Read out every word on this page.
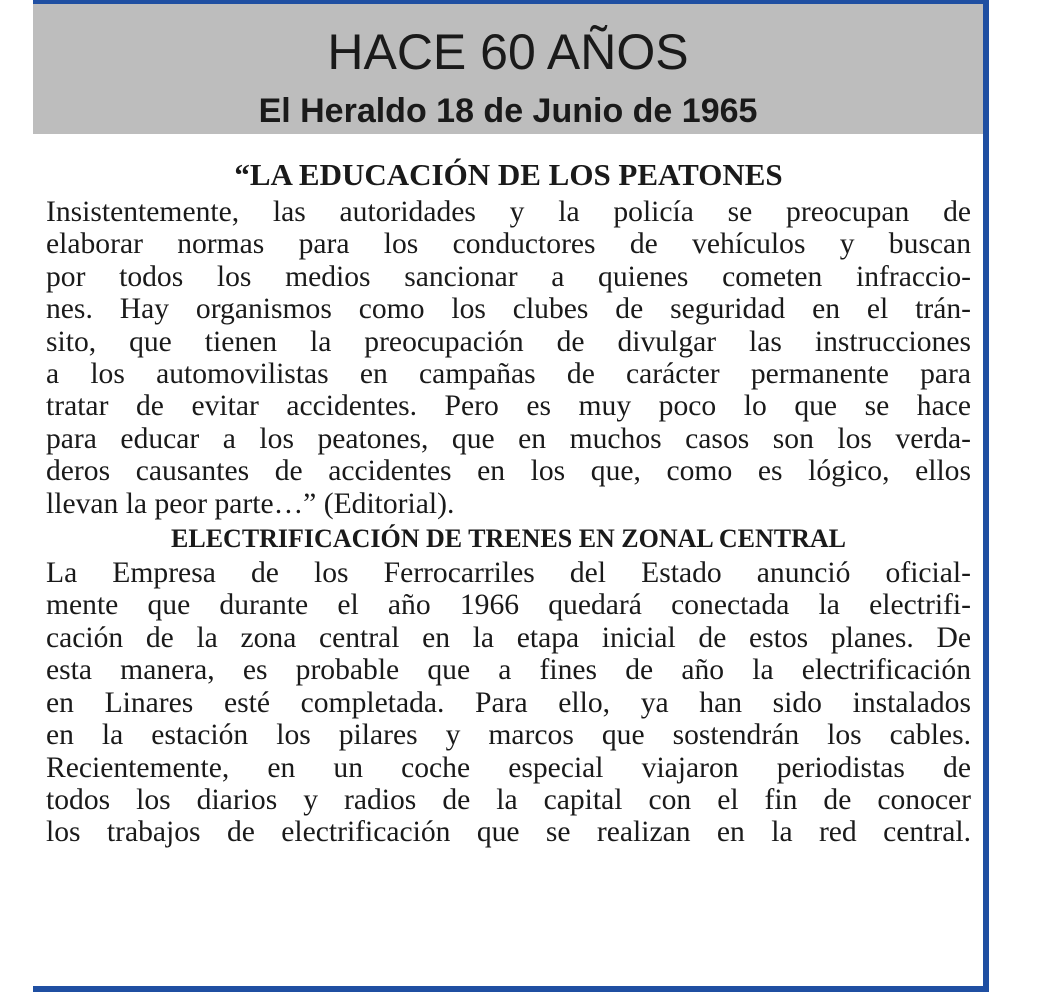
HACE 60 AÑOS
El Heraldo 18 de Junio de 1965
“LA EDUCACIÓN DE LOS PEATONES
Insistentemente, las autoridades y la policía se preocupan de
elaborar normas para los conductores de vehículos y buscan
por todos los medios sancionar a quienes cometen infraccio-
nes. Hay organismos como los clubes de seguridad en el trán-
sito, que tienen la preocupación de divulgar las instrucciones
a los automovilistas en campañas de carácter permanente para
tratar de evitar accidentes. Pero es muy poco lo que se hace
para educar a los peatones, que en muchos casos son los verda-
deros causantes de accidentes en los que, como es lógico, ellos
llevan la peor parte…” (Editorial).
ELECTRIFICACIÓN DE TRENES EN ZONAL CENTRAL
La Empresa de los Ferrocarriles del Estado anunció oficial-
mente que durante el año 1966 quedará conectada la electrifi-
cación de la zona central en la etapa inicial de estos planes. De
esta manera, es probable que a fines de año la electrificación
en Linares esté completada. Para ello, ya han sido instalados
en la estación los pilares y marcos que sostendrán los cables.
Recientemente, en un coche especial viajaron periodistas de
todos los diarios y radios de la capital con el fin de conocer
los trabajos de electrificación que se realizan en la red central.
